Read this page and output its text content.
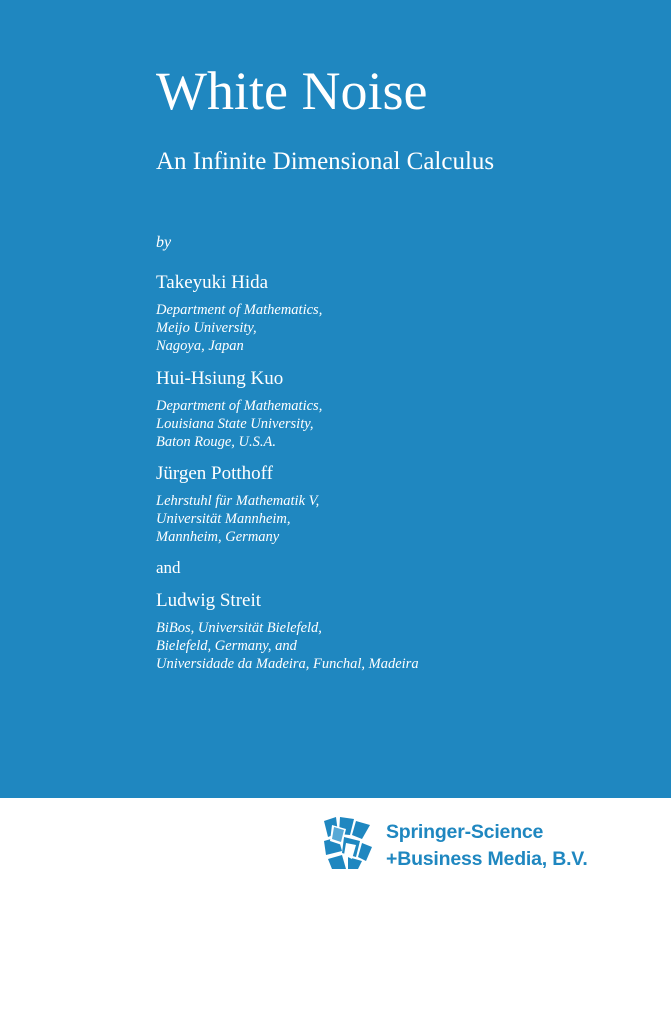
White Noise
An Infinite Dimensional Calculus
by
Takeyuki Hida
Department of Mathematics,
Meijo University,
Nagoya, Japan
Hui-Hsiung Kuo
Department of Mathematics,
Louisiana State University,
Baton Rouge, U.S.A.
Jürgen Potthoff
Lehrstuhl für Mathematik V,
Universität Mannheim,
Mannheim, Germany
and
Ludwig Streit
BiBos, Universität Bielefeld,
Bielefeld, Germany, and
Universidade da Madeira, Funchal, Madeira
Springer-Science
+Business Media, B.V.
